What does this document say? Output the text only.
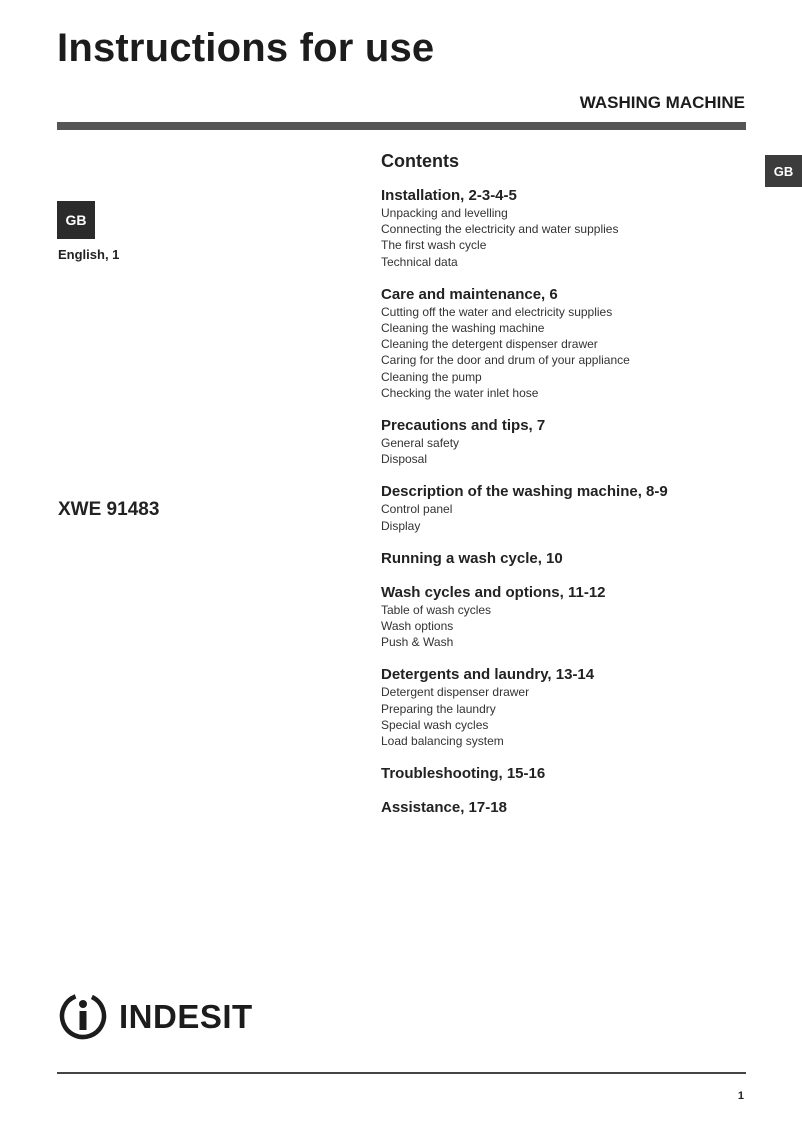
Instructions for use
WASHING MACHINE
GB
GB
English, 1
XWE 91483
Contents
Installation, 2-3-4-5
Unpacking and levelling
Connecting the electricity and water supplies
The first wash cycle
Technical data
Care and maintenance, 6
Cutting off the water and electricity supplies
Cleaning the washing machine
Cleaning the detergent dispenser drawer
Caring for the door and drum of your appliance
Cleaning the pump
Checking the water inlet hose
Precautions and tips, 7
General safety
Disposal
Description of the washing machine, 8-9
Control panel
Display
Running a wash cycle, 10
Wash cycles and options, 11-12
Table of wash cycles
Wash options
Push & Wash
Detergents and laundry, 13-14
Detergent dispenser drawer
Preparing the laundry
Special wash cycles
Load balancing system
Troubleshooting, 15-16
Assistance, 17-18
INDESIT
1
